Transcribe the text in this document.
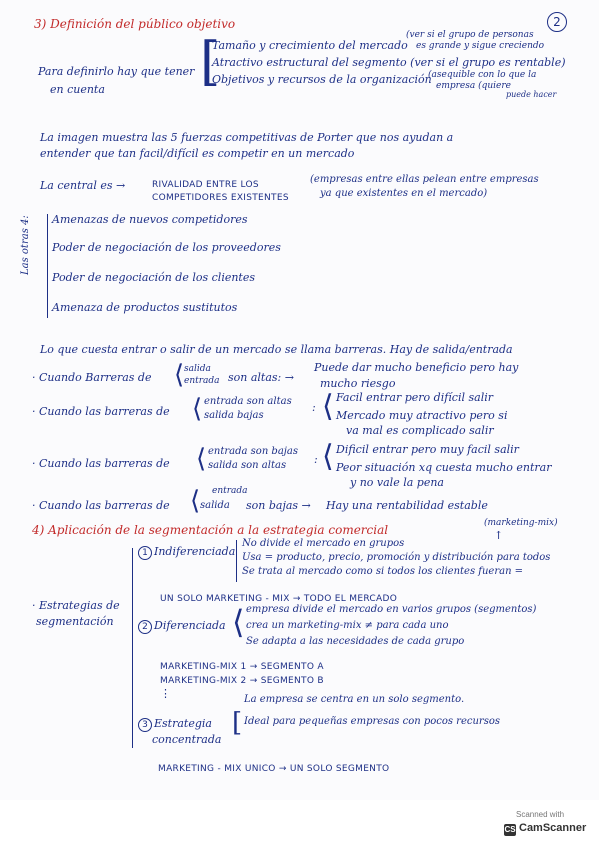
2
3) Definición del público objetivo
(ver si el grupo de personas
es grande y sigue creciendo
Para definirlo hay que tener
en cuenta [
Tamaño y crecimiento del mercado
Atractivo estructural del segmento (ver si el grupo es rentable)
Objetivos y recursos de la organización
(asequible con lo que la
empresa (quiere
puede hacer
La imagen muestra las 5 fuerzas competitivas de Porter que nos ayudan a
entender que tan facil/difícil es competir en un mercado
La central es →	RIVALIDAD ENTRE LOS
COMPETIDORES EXISTENTES
(empresas entre ellas pelean entre empresas
ya que existentes en el mercado)
Las otras 4: Amenazas de nuevos competidores
Poder de negociación de los proveedores
Poder de negociación de los clientes
Amenaza de productos sustitutos
Lo que cuesta entrar o salir de un mercado se llama barreras. Hay de salida/entrada
· Cuando Barreras de ⟨ salida
entrada son altas: →
Puede dar mucho beneficio pero hay
mucho riesgo
· Cuando las barreras de ⟨ entrada son altas
salida bajas
: ⟨ Facil entrar pero difícil salir
Mercado muy atractivo pero si
va mal es complicado salir
· Cuando las barreras de ⟨ entrada son bajas
salida son altas	: ⟨ Dificil entrar pero muy facil salir
Peor situación xq cuesta mucho entrar
y no vale la pena
· Cuando las barreras de ⟨ entrada
salida son bajas → Hay una rentabilidad estable
4) Aplicación de la segmentación a la estrategia comercial	(marketing-mix)
↑
· Estrategias de
segmentación
1 Indiferenciada
No divide el mercado en grupos
Usa = producto, precio, promoción y distribución para todos
Se trata al mercado como si todos los clientes fueran =
UN SOLO MARKETING - MIX → TODO EL MERCADO
2 Diferenciada ⟨ empresa divide el mercado en varios grupos (segmentos)
crea un marketing-mix ≠ para cada uno
Se adapta a las necesidades de cada grupo
MARKETING-MIX 1 → SEGMENTO A
MARKETING-MIX 2 → SEGMENTO B
⋮	La empresa se centra en un solo segmento.
3 Estrategia
concentrada
[ Ideal para pequeñas empresas con pocos recursos
MARKETING - MIX UNICO → UN SOLO SEGMENTO
Scanned with
CS CamScanner
